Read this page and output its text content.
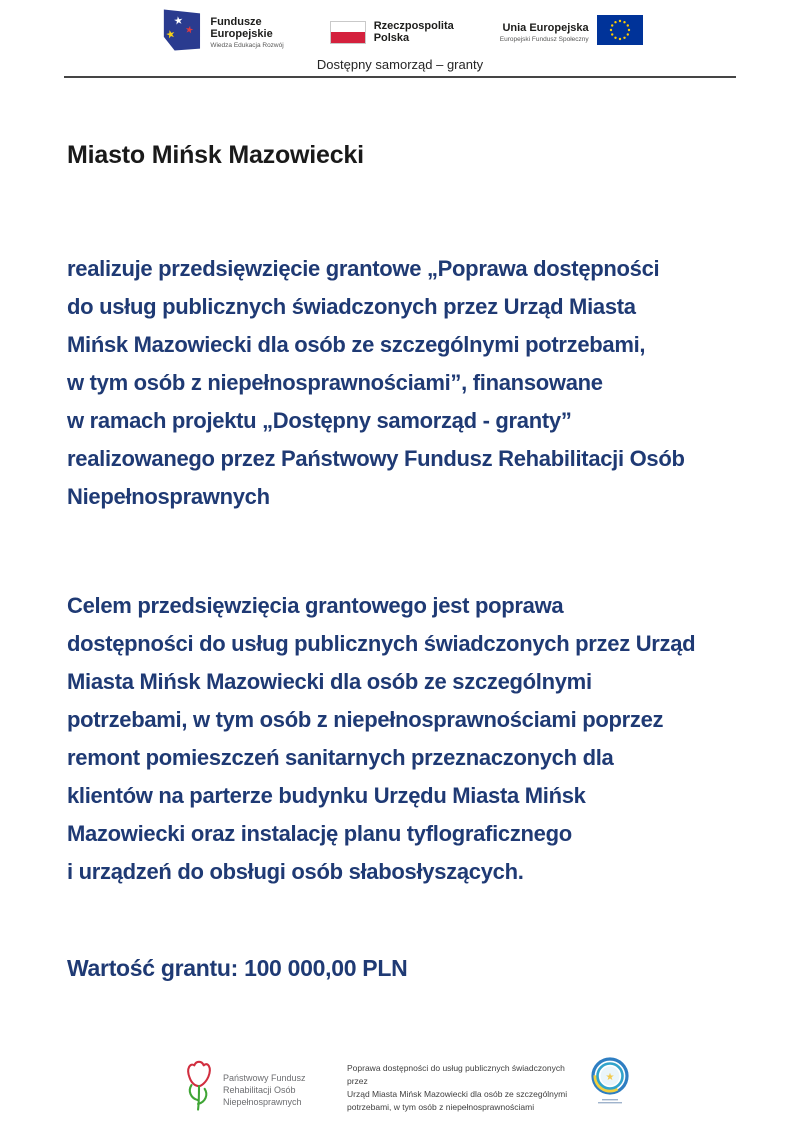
★
★
★
Fundusze
Europejskie
Wiedza Edukacja Rozwój
Rzeczpospolita
Polska
Unia Europejska
Europejski Fundusz Społeczny
Dostępny samorząd – granty
Miasto Mińsk Mazowiecki
realizuje przedsięwzięcie grantowe „Poprawa dostępności
do usług publicznych świadczonych przez Urząd Miasta
Mińsk Mazowiecki dla osób ze szczególnymi potrzebami,
w tym osób z niepełnosprawnościami”, finansowane
w ramach projektu „Dostępny samorząd - granty”
realizowanego przez Państwowy Fundusz Rehabilitacji Osób
Niepełnosprawnych
Celem przedsięwzięcia grantowego jest poprawa
dostępności do usług publicznych świadczonych przez Urząd
Miasta Mińsk Mazowiecki dla osób ze szczególnymi
potrzebami, w tym osób z niepełnosprawnościami poprzez
remont pomieszczeń sanitarnych przeznaczonych dla
klientów na parterze budynku Urzędu Miasta Mińsk
Mazowiecki oraz instalację planu tyflograficznego
i urządzeń do obsługi osób słabosłyszących.
Wartość grantu: 100 000,00 PLN
Państwowy Fundusz
Rehabilitacji Osób
Niepełnosprawnych
Poprawa dostępności do usług publicznych świadczonych przez
Urząd Miasta Mińsk Mazowiecki dla osób ze szczególnymi
potrzebami, w tym osób z niepełnosprawnościami
★
